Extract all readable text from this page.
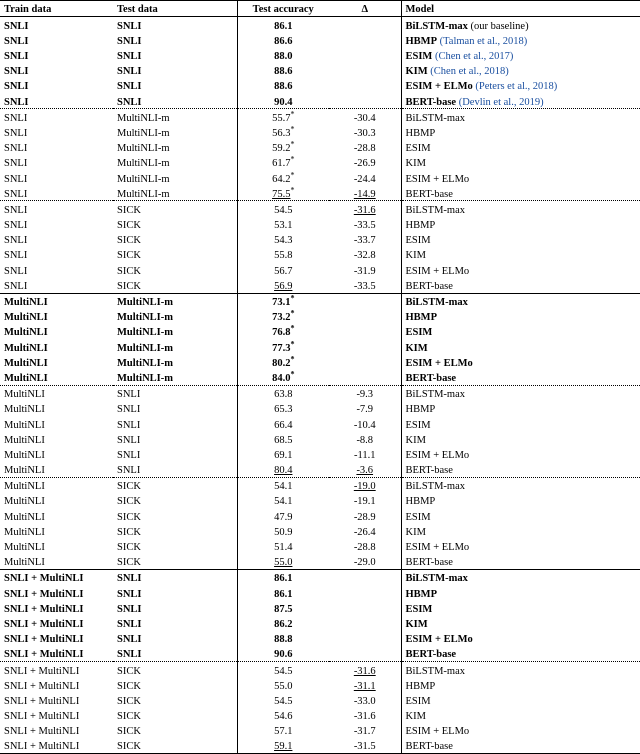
Train data	Test data	Test accuracy	Δ	Model
SNLI	SNLI	86.1		BiLSTM-max (our baseline)
SNLI	SNLI	86.6		HBMP (Talman et al., 2018)
SNLI	SNLI	88.0		ESIM (Chen et al., 2017)
SNLI	SNLI	88.6		KIM (Chen et al., 2018)
SNLI	SNLI	88.6		ESIM + ELMo (Peters et al., 2018)
SNLI	SNLI	90.4		BERT-base (Devlin et al., 2019)
SNLI	MultiNLI-m	55.7*	-30.4	BiLSTM-max
SNLI	MultiNLI-m	56.3*	-30.3	HBMP
SNLI	MultiNLI-m	59.2*	-28.8	ESIM
SNLI	MultiNLI-m	61.7*	-26.9	KIM
SNLI	MultiNLI-m	64.2*	-24.4	ESIM + ELMo
SNLI	MultiNLI-m	75.5*	-14.9	BERT-base
SNLI	SICK	54.5	-31.6	BiLSTM-max
SNLI	SICK	53.1	-33.5	HBMP
SNLI	SICK	54.3	-33.7	ESIM
SNLI	SICK	55.8	-32.8	KIM
SNLI	SICK	56.7	-31.9	ESIM + ELMo
SNLI	SICK	56.9	-33.5	BERT-base
MultiNLI	MultiNLI-m	73.1*		BiLSTM-max
MultiNLI	MultiNLI-m	73.2*		HBMP
MultiNLI	MultiNLI-m	76.8*		ESIM
MultiNLI	MultiNLI-m	77.3*		KIM
MultiNLI	MultiNLI-m	80.2*		ESIM + ELMo
MultiNLI	MultiNLI-m	84.0*		BERT-base
MultiNLI	SNLI	63.8	-9.3	BiLSTM-max
MultiNLI	SNLI	65.3	-7.9	HBMP
MultiNLI	SNLI	66.4	-10.4	ESIM
MultiNLI	SNLI	68.5	-8.8	KIM
MultiNLI	SNLI	69.1	-11.1	ESIM + ELMo
MultiNLI	SNLI	80.4	-3.6	BERT-base
MultiNLI	SICK	54.1	-19.0	BiLSTM-max
MultiNLI	SICK	54.1	-19.1	HBMP
MultiNLI	SICK	47.9	-28.9	ESIM
MultiNLI	SICK	50.9	-26.4	KIM
MultiNLI	SICK	51.4	-28.8	ESIM + ELMo
MultiNLI	SICK	55.0	-29.0	BERT-base
SNLI + MultiNLI	SNLI	86.1		BiLSTM-max
SNLI + MultiNLI	SNLI	86.1		HBMP
SNLI + MultiNLI	SNLI	87.5		ESIM
SNLI + MultiNLI	SNLI	86.2		KIM
SNLI + MultiNLI	SNLI	88.8		ESIM + ELMo
SNLI + MultiNLI	SNLI	90.6		BERT-base
SNLI + MultiNLI	SICK	54.5	-31.6	BiLSTM-max
SNLI + MultiNLI	SICK	55.0	-31.1	HBMP
SNLI + MultiNLI	SICK	54.5	-33.0	ESIM
SNLI + MultiNLI	SICK	54.6	-31.6	KIM
SNLI + MultiNLI	SICK	57.1	-31.7	ESIM + ELMo
SNLI + MultiNLI	SICK	59.1	-31.5	BERT-base
